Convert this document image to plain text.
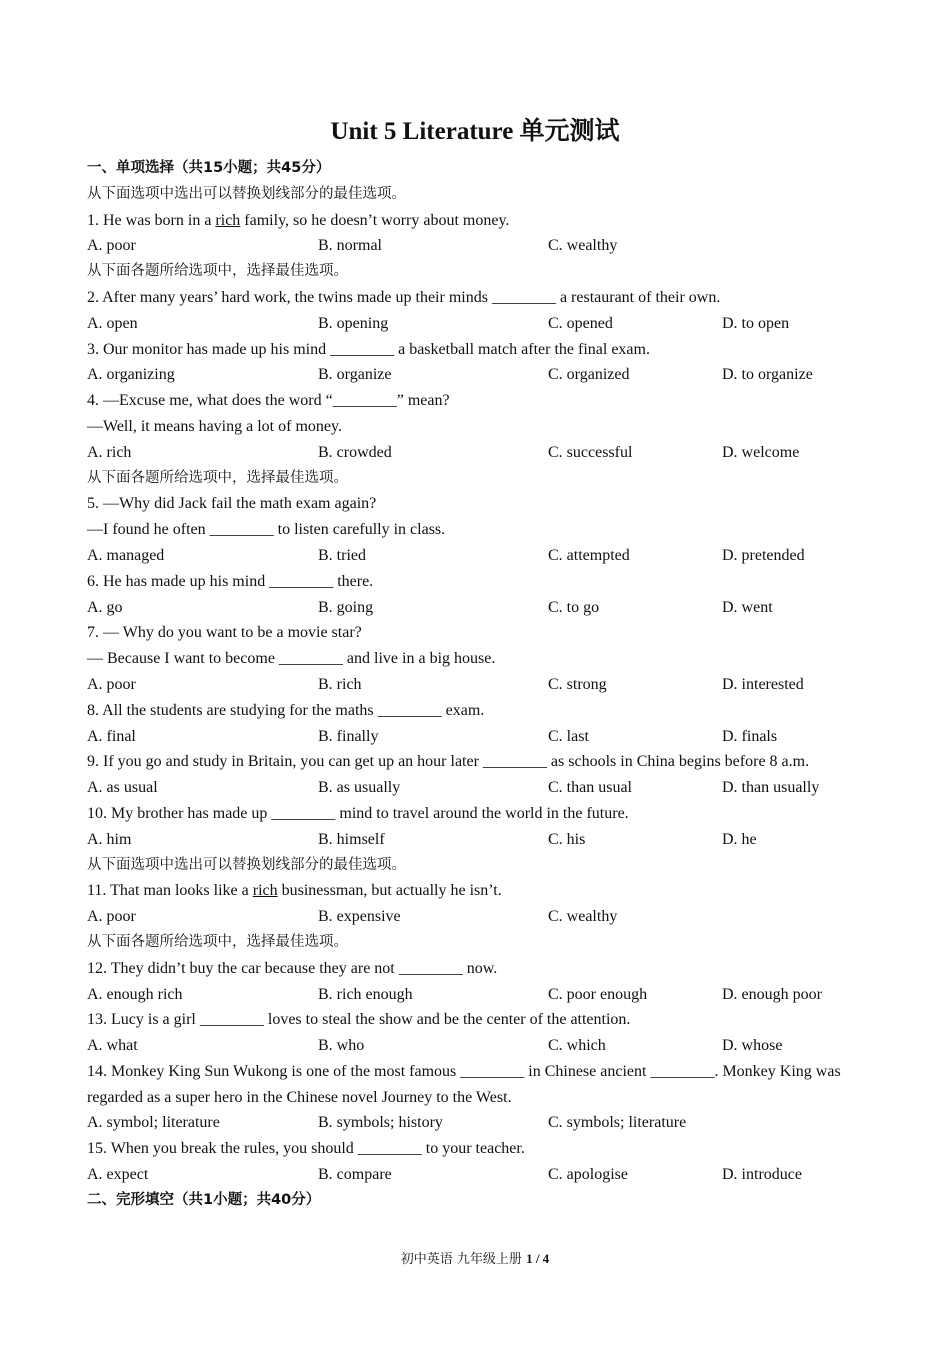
Unit 5 Literature 单元测试
一、单项选择（共15小题；共45分）
从下面选项中选出可以替换划线部分的最佳选项。
1. He was born in a rich family, so he doesn’t worry about money.
A. poor	B. normal	C. wealthy
从下面各题所给选项中，选择最佳选项。
2. After many years’ hard work, the twins made up their minds ________ a restaurant of their own.
A. open	B. opening	C. opened	D. to open
3. Our monitor has made up his mind ________ a basketball match after the final exam.
A. organizing	B. organize	C. organized	D. to organize
4. —Excuse me, what does the word “________” mean?
—Well, it means having a lot of money.
A. rich	B. crowded	C. successful	D. welcome
从下面各题所给选项中，选择最佳选项。
5. —Why did Jack fail the math exam again?
—I found he often ________ to listen carefully in class.
A. managed	B. tried	C. attempted	D. pretended
6. He has made up his mind ________ there.
A. go	B. going	C. to go	D. went
7. — Why do you want to be a movie star?
— Because I want to become ________ and live in a big house.
A. poor	B. rich	C. strong	D. interested
8. All the students are studying for the maths ________ exam.
A. final	B. finally	C. last	D. finals
9. If you go and study in Britain, you can get up an hour later ________ as schools in China begins before 8 a.m.
A. as usual	B. as usually	C. than usual	D. than usually
10. My brother has made up ________ mind to travel around the world in the future.
A. him	B. himself	C. his	D. he
从下面选项中选出可以替换划线部分的最佳选项。
11. That man looks like a rich businessman, but actually he isn’t.
A. poor	B. expensive	C. wealthy
从下面各题所给选项中，选择最佳选项。
12. They didn’t buy the car because they are not ________ now.
A. enough rich	B. rich enough	C. poor enough	D. enough poor
13. Lucy is a girl ________ loves to steal the show and be the center of the attention.
A. what	B. who	C. which	D. whose
14. Monkey King Sun Wukong is one of the most famous ________ in Chinese ancient ________. Monkey King was regarded as a super hero in the Chinese novel Journey to the West.
A. symbol; literature	B. symbols; history	C. symbols; literature
15. When you break the rules, you should ________ to your teacher.
A. expect	B. compare	C. apologise	D. introduce
二、完形填空（共1小题；共40分）
初中英语 九年级上册 1 / 4
